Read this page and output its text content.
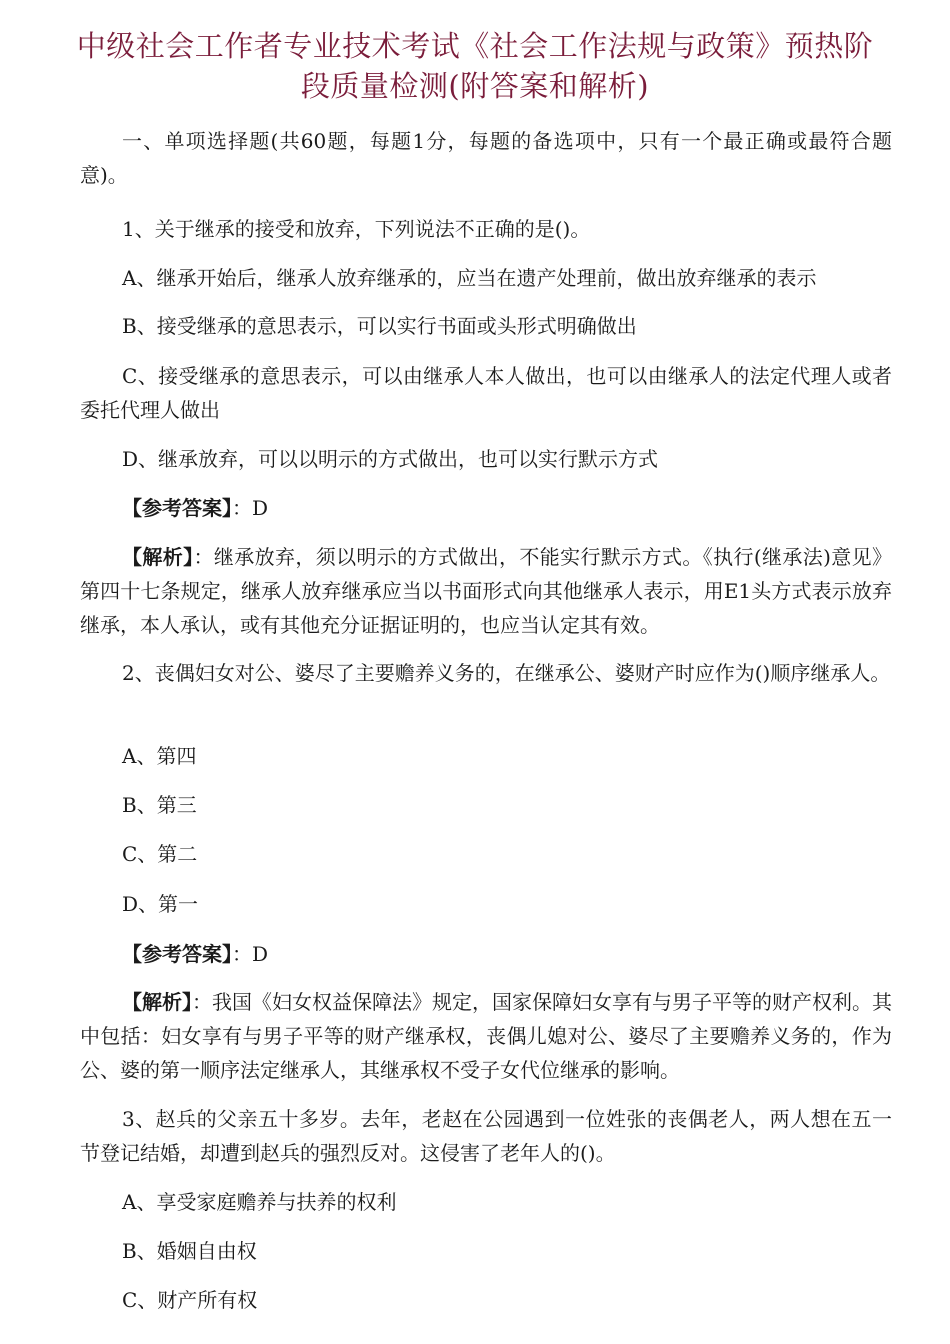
中级社会工作者专业技术考试《社会工作法规与政策》预热阶
段质量检测(附答案和解析)
一、单项选择题(共60题，每题1分，每题的备选项中，只有一个最正确或最符合题意)。
1、关于继承的接受和放弃，下列说法不正确的是()。
A、继承开始后，继承人放弃继承的，应当在遗产处理前，做出放弃继承的表示
B、接受继承的意思表示，可以实行书面或头形式明确做出
C、接受继承的意思表示，可以由继承人本人做出，也可以由继承人的法定代理人或者委托代理人做出
D、继承放弃，可以以明示的方式做出，也可以实行默示方式
【参考答案】：D
【解析】：继承放弃，须以明示的方式做出，不能实行默示方式。《执行(继承法)意见》第四十七条规定，继承人放弃继承应当以书面形式向其他继承人表示，用E1头方式表示放弃继承，本人承认，或有其他充分证据证明的，也应当认定其有效。
2、丧偶妇女对公、婆尽了主要赡养义务的，在继承公、婆财产时应作为()顺序继承人。
A、第四
B、第三
C、第二
D、第一
【参考答案】：D
【解析】：我国《妇女权益保障法》规定，国家保障妇女享有与男子平等的财产权利。其中包括：妇女享有与男子平等的财产继承权，丧偶儿媳对公、婆尽了主要赡养义务的，作为公、婆的第一顺序法定继承人，其继承权不受子女代位继承的影响。
3、赵兵的父亲五十多岁。去年，老赵在公园遇到一位姓张的丧偶老人，两人想在五一节登记结婚，却遭到赵兵的强烈反对。这侵害了老年人的()。
A、享受家庭赡养与扶养的权利
B、婚姻自由权
C、财产所有权
